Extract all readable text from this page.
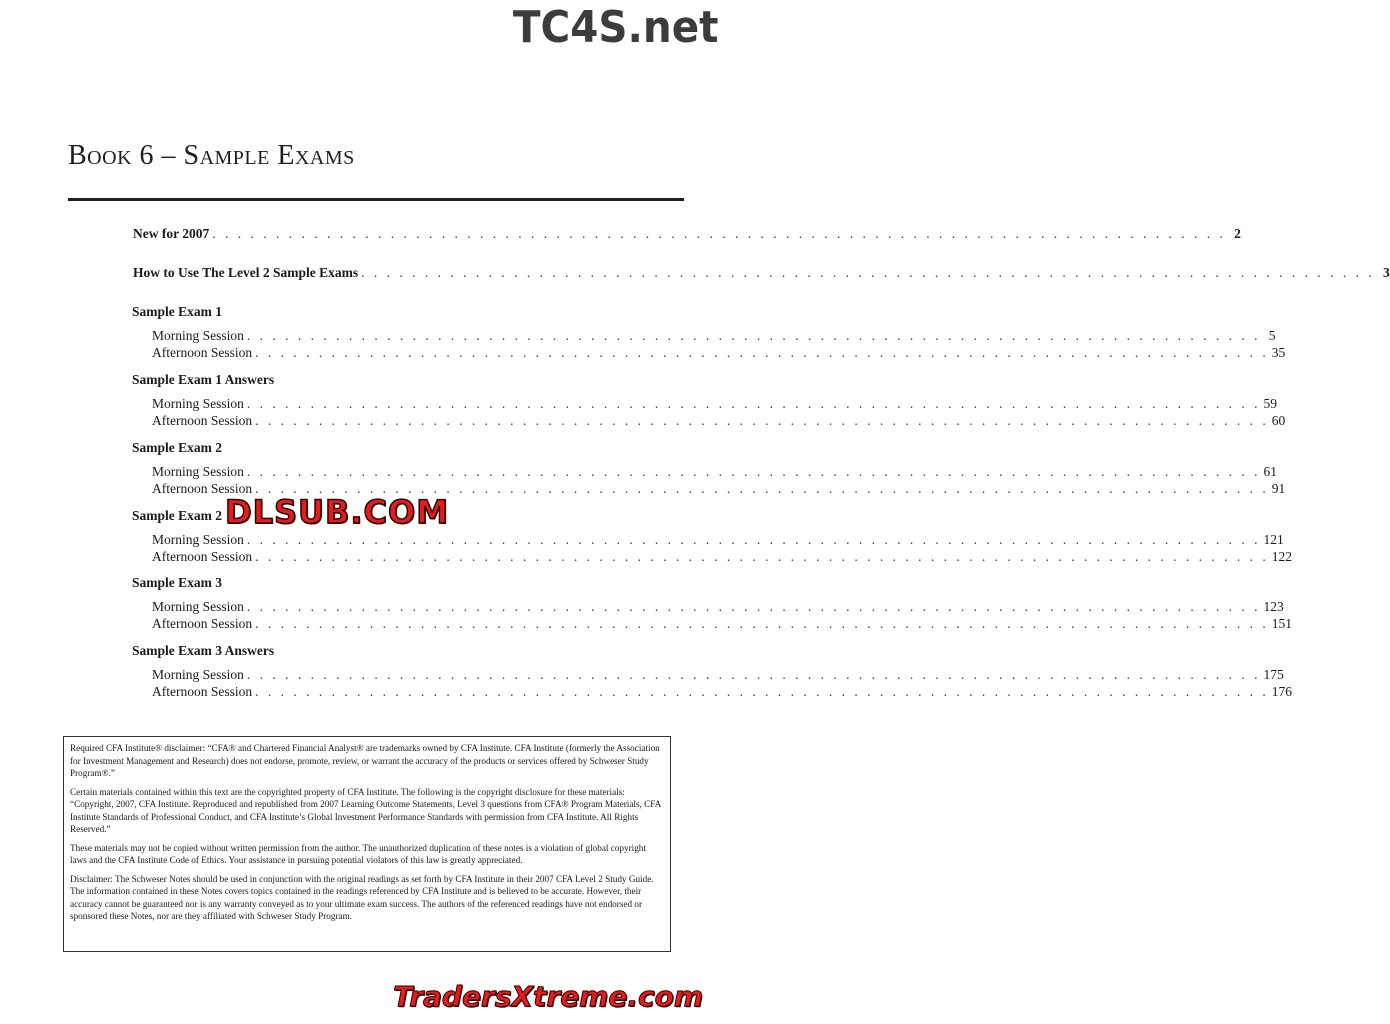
TC4S.net
Book 6 – Sample Exams
New for 2007 . . . . . . . . . . . . . . . . . . . . . . . . . . . . . . . . . . . . . . . . . . . . . . . . . . . . . . . . . . . . . . . . . . . . . . . . . . . . . . . . 2
How to Use The Level 2 Sample Exams . . . . . . . . . . . . . . . . . . . . . . . . . . . . . . . . . . . . . . . . . . . . . . . . . . . . . . . . . . . . . . . . . . . . . . . . . . . . . . . . 3
Sample Exam 1
Morning Session . . . . . . . . . . . . . . . . . . . . . . . . . . . . . . . . . . . . . . . . . . . . . . . . . . . . . . . . . . . . . . . . . . . . . . . . . . . . . . . . 5
Afternoon Session . . . . . . . . . . . . . . . . . . . . . . . . . . . . . . . . . . . . . . . . . . . . . . . . . . . . . . . . . . . . . . . . . . . . . . . . . . . . . . . . 35
Sample Exam 1 Answers
Morning Session . . . . . . . . . . . . . . . . . . . . . . . . . . . . . . . . . . . . . . . . . . . . . . . . . . . . . . . . . . . . . . . . . . . . . . . . . . . . . . . . 59
Afternoon Session . . . . . . . . . . . . . . . . . . . . . . . . . . . . . . . . . . . . . . . . . . . . . . . . . . . . . . . . . . . . . . . . . . . . . . . . . . . . . . . . 60
Sample Exam 2
Morning Session . . . . . . . . . . . . . . . . . . . . . . . . . . . . . . . . . . . . . . . . . . . . . . . . . . . . . . . . . . . . . . . . . . . . . . . . . . . . . . . . 61
Afternoon Session . . . . . . . . . . . . . . . . . . . . . . . . . . . . . . . . . . . . . . . . . . . . . . . . . . . . . . . . . . . . . . . . . . . . . . . . . . . . . . . . 91
Sample Exam 2
Morning Session . . . . . . . . . . . . . . . . . . . . . . . . . . . . . . . . . . . . . . . . . . . . . . . . . . . . . . . . . . . . . . . . . . . . . . . . . . . . . . . . 121
Afternoon Session . . . . . . . . . . . . . . . . . . . . . . . . . . . . . . . . . . . . . . . . . . . . . . . . . . . . . . . . . . . . . . . . . . . . . . . . . . . . . . . . 122
Sample Exam 3
Morning Session . . . . . . . . . . . . . . . . . . . . . . . . . . . . . . . . . . . . . . . . . . . . . . . . . . . . . . . . . . . . . . . . . . . . . . . . . . . . . . . . 123
Afternoon Session . . . . . . . . . . . . . . . . . . . . . . . . . . . . . . . . . . . . . . . . . . . . . . . . . . . . . . . . . . . . . . . . . . . . . . . . . . . . . . . . 151
Sample Exam 3 Answers
Morning Session . . . . . . . . . . . . . . . . . . . . . . . . . . . . . . . . . . . . . . . . . . . . . . . . . . . . . . . . . . . . . . . . . . . . . . . . . . . . . . . . 175
Afternoon Session . . . . . . . . . . . . . . . . . . . . . . . . . . . . . . . . . . . . . . . . . . . . . . . . . . . . . . . . . . . . . . . . . . . . . . . . . . . . . . . . 176
DLSUB.COM

Required CFA Institute® disclaimer: “CFA® and Chartered Financial Analyst® are trademarks owned by CFA Institute. CFA Institute (formerly the Association for Investment Management and Research) does not endorse, promote, review, or warrant the accuracy of the products or services offered by Schweser Study Program®.”

Certain materials contained within this text are the copyrighted property of CFA Institute. The following is the copyright disclosure for these materials: “Copyright, 2007, CFA Institute. Reproduced and republished from 2007 Learning Outcome Statements, Level 3 questions from CFA® Program Materials, CFA Institute Standards of Professional Conduct, and CFA Institute’s Global Investment Performance Standards with permission from CFA Institute. All Rights Reserved.”

These materials may not be copied without written permission from the author. The unauthorized duplication of these notes is a violation of global copyright laws and the CFA Institute Code of Ethics. Your assistance in pursuing potential violators of this law is greatly appreciated.

Disclaimer: The Schweser Notes should be used in conjunction with the original readings as set forth by CFA Institute in their 2007 CFA Level 2 Study Guide. The information contained in these Notes covers topics contained in the readings referenced by CFA Institute and is believed to be accurate. However, their accuracy cannot be guaranteed nor is any warranty conveyed as to your ultimate exam success. The authors of the referenced readings have not endorsed or sponsored these Notes, nor are they affiliated with Schweser Study Program.

TradersXtreme.com
